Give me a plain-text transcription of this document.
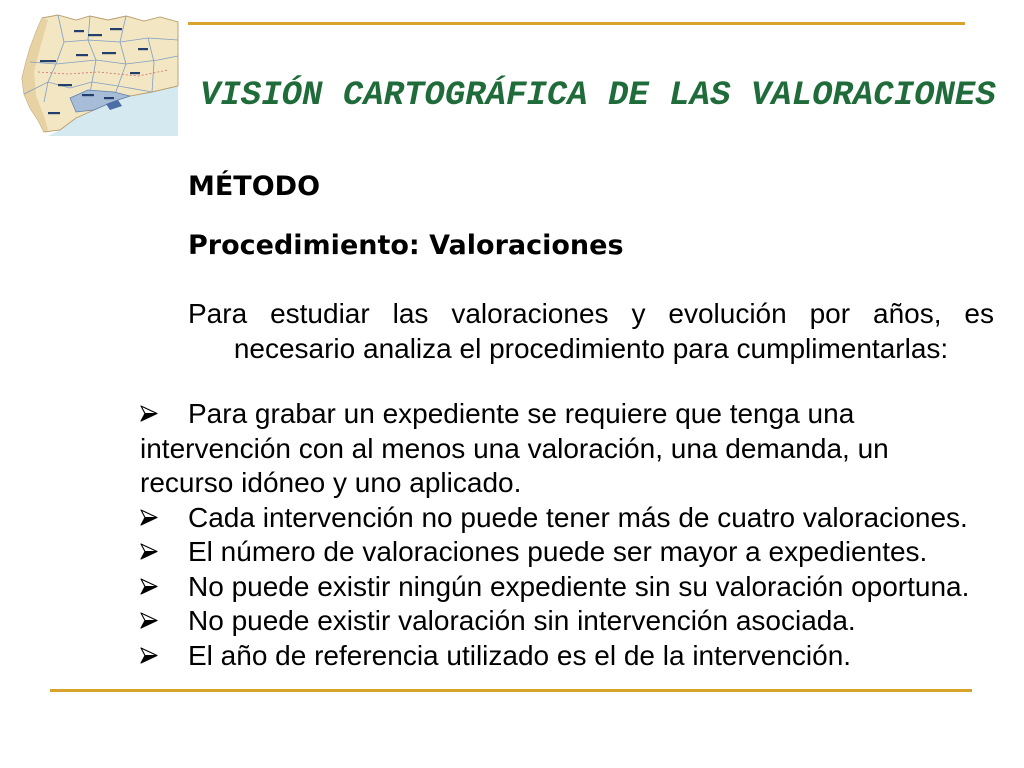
VISIÓN CARTOGRÁFICA DE LAS VALORACIONES
MÉTODO
Procedimiento: Valoraciones

Para estudiar las valoraciones y evolución por años, es necesario analiza el procedimiento para cumplimentarlas:

Para grabar un expediente se requiere que tenga una intervención con al menos una valoración, una demanda, un recurso idóneo y uno aplicado.
Cada intervención no puede tener más de cuatro valoraciones.
El número de valoraciones puede ser mayor a expedientes.
No puede existir ningún expediente sin su valoración oportuna.
No puede existir valoración sin intervención asociada.
El año de referencia utilizado es el de la intervención.
